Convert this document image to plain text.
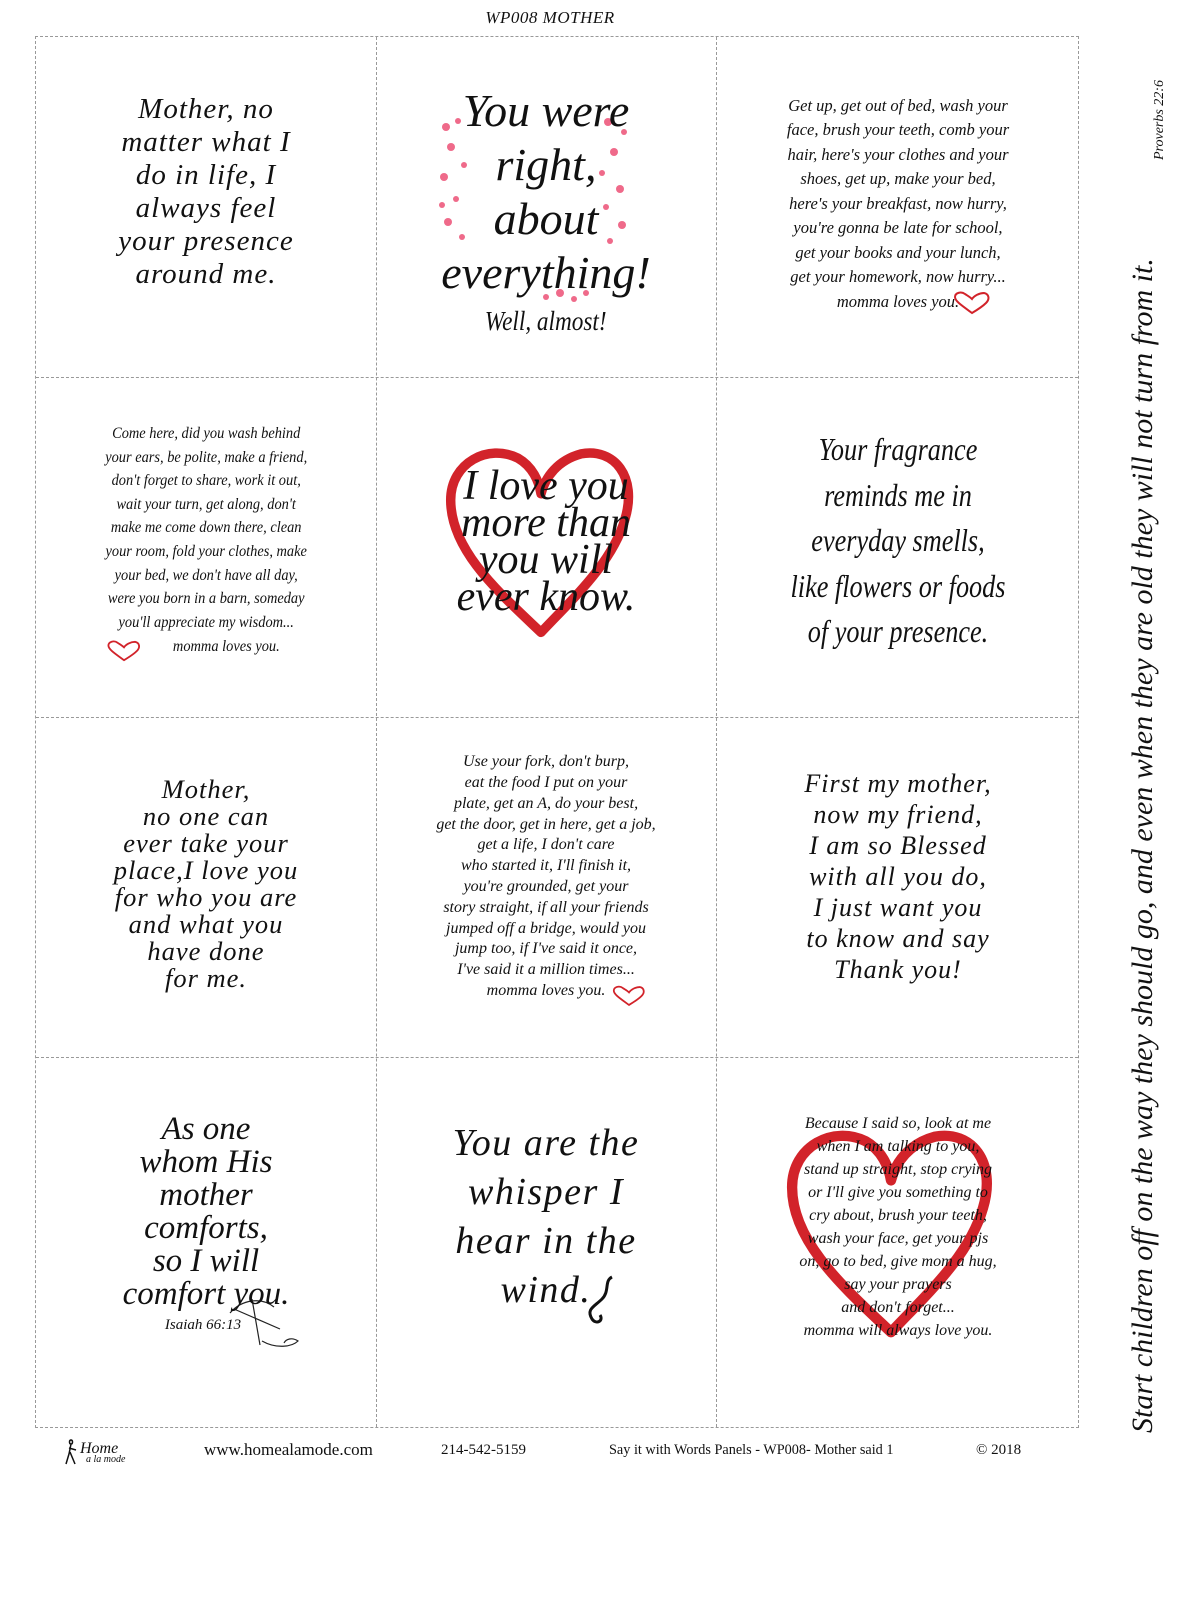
WP008 MOTHER
Mother, no
matter what I
do in life, I
always feel
your presence
around me.
You were
right,
about
everything!
Well, almost!
Get up, get out of bed, wash your
face, brush your teeth, comb your
hair, here's your clothes and your
shoes, get up, make your bed,
here's your breakfast, now hurry,
you're gonna be late for school,
get your books and your lunch,
get your homework, now hurry...
momma loves you.
Come here, did you wash behind
your ears, be polite, make a friend,
don't forget to share, work it out,
wait your turn, get along, don't
make me come down there, clean
your room, fold your clothes, make
your bed, we don't have all day,
were you born in a barn, someday
you'll appreciate my wisdom...
momma loves you.
I love you
more than
you will
ever know.
Your fragrance
reminds me in
everyday smells,
like flowers or foods
of your presence.
Mother,
no one can
ever take your
place,I love you
for who you are
and what you
have done
for me.
Use your fork, don't burp,
eat the food I put on your
plate, get an A, do your best,
get the door, get in here, get a job,
get a life, I don't care
who started it, I'll finish it,
you're grounded, get your
story straight, if all your friends
jumped off a bridge, would you
jump too, if I've said it once,
I've said it a million times...
momma loves you.
First my mother,
now my friend,
I am so Blessed
with all you do,
I just want you
to know and say
Thank you!
As one
whom His
mother
comforts,
so I will
comfort you.
Isaiah 66:13
You are the
whisper I
hear in the
wind.
Because I said so, look at me
when I am talking to you,
stand up straight, stop crying
or I'll give you something to
cry about, brush your teeth,
wash your face, get your pjs
on, go to bed, give mom a hug,
say your prayers
and don't forget...
momma will always love you.	Start children off on the way they should go, and even when they are old they will not turn from it.
Proverbs 22:6
Home
a la mode
www.homealamode.com	214-542-5159	Say it with Words Panels - WP008- Mother said 1	© 2018
